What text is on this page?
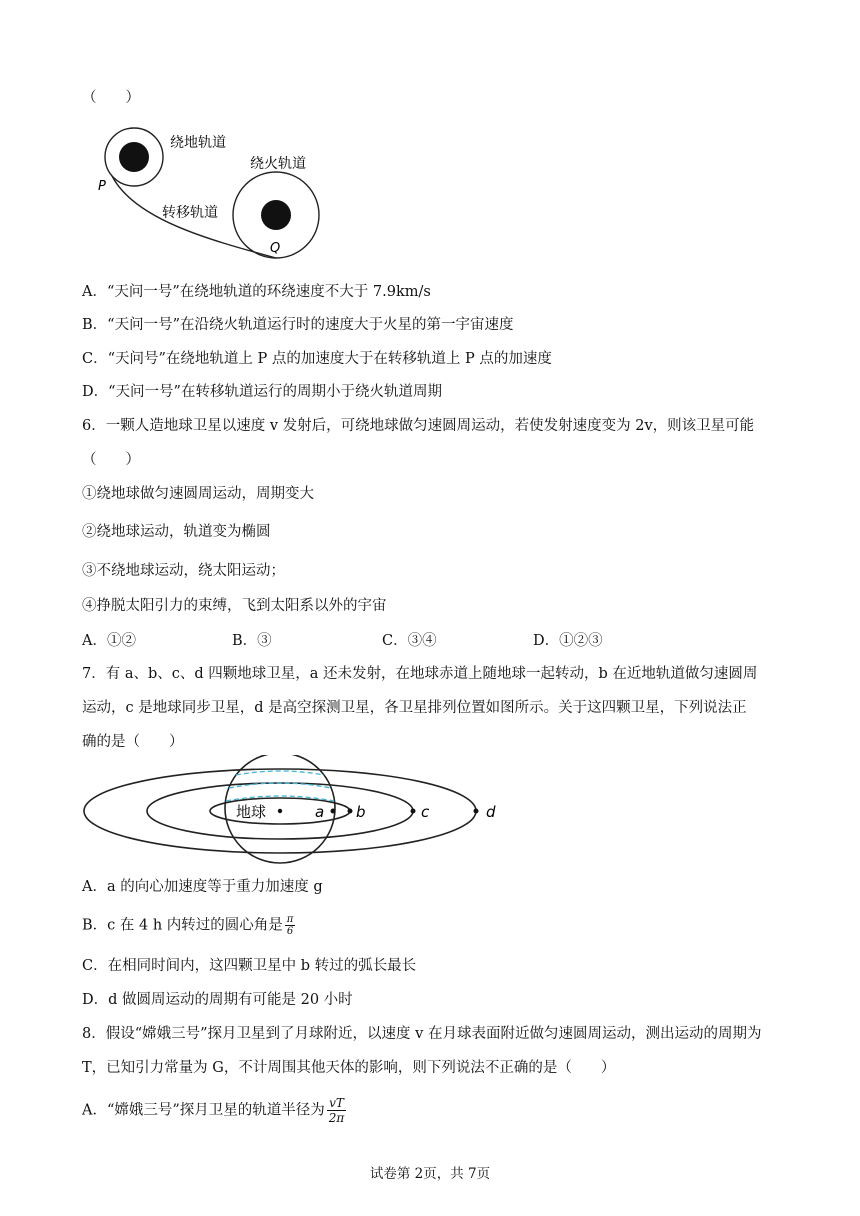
（　　）
绕地轨道
绕火轨道
转移轨道
P
Q
A．“天问一号”在绕地轨道的环绕速度不大于 7.9km/s
B．“天问一号”在沿绕火轨道运行时的速度大于火星的第一宇宙速度
C．“天问号”在绕地轨道上 P 点的加速度大于在转移轨道上 P 点的加速度
D．“天问一号”在转移轨道运行的周期小于绕火轨道周期
6．一颗人造地球卫星以速度 v 发射后，可绕地球做匀速圆周运动，若使发射速度变为 2v，则该卫星可能
（　　）
①绕地球做匀速圆周运动，周期变大
②绕地球运动，轨道变为椭圆
③不绕地球运动，绕太阳运动；
④挣脱太阳引力的束缚，飞到太阳系以外的宇宙
A．①②	B．③	C．③④	D．①②③
7．有 a、b、c、d 四颗地球卫星，a 还未发射，在地球赤道上随地球一起转动，b 在近地轨道做匀速圆周
运动，c 是地球同步卫星，d 是高空探测卫星，各卫星排列位置如图所示。关于这四颗卫星，下列说法正
确的是（　　）
地球	a b	c	d
A．a 的向心加速度等于重力加速度 g
B．c 在 4 h 内转过的圆心角是 $\frac{\pi}{6}$
C．在相同时间内，这四颗卫星中 b 转过的弧长最长
D．d 做圆周运动的周期有可能是 20 小时
8．假设“嫦娥三号”探月卫星到了月球附近，以速度 v 在月球表面附近做匀速圆周运动，测出运动的周期为
T，已知引力常量为 G，不计周围其他天体的影响，则下列说法不正确的是（　　）
A．“嫦娥三号”探月卫星的轨道半径为 $\frac{vT}{2\pi}$
试卷第 2页，共 7页
